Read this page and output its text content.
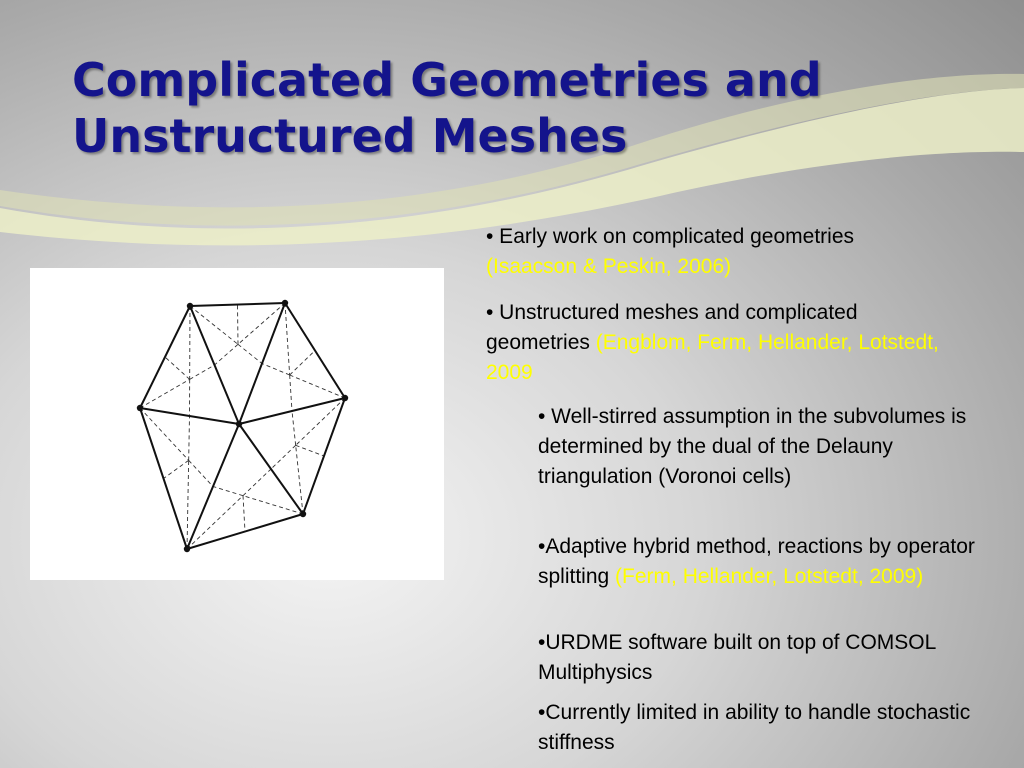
Complicated Geometries and
Unstructured Meshes

• Early work on complicated geometries
(Isaacson & Peskin, 2006)

• Unstructured meshes and complicated geometries (Engblom, Ferm, Hellander, Lotstedt, 2009

• Well-stirred assumption in the subvolumes is determined by the dual of the Delauny triangulation (Voronoi cells)

•Adaptive hybrid method, reactions by operator splitting (Ferm, Hellander, Lotstedt, 2009)

•URDME software built on top of COMSOL Multiphysics

•Currently limited in ability to handle stochastic stiffness
